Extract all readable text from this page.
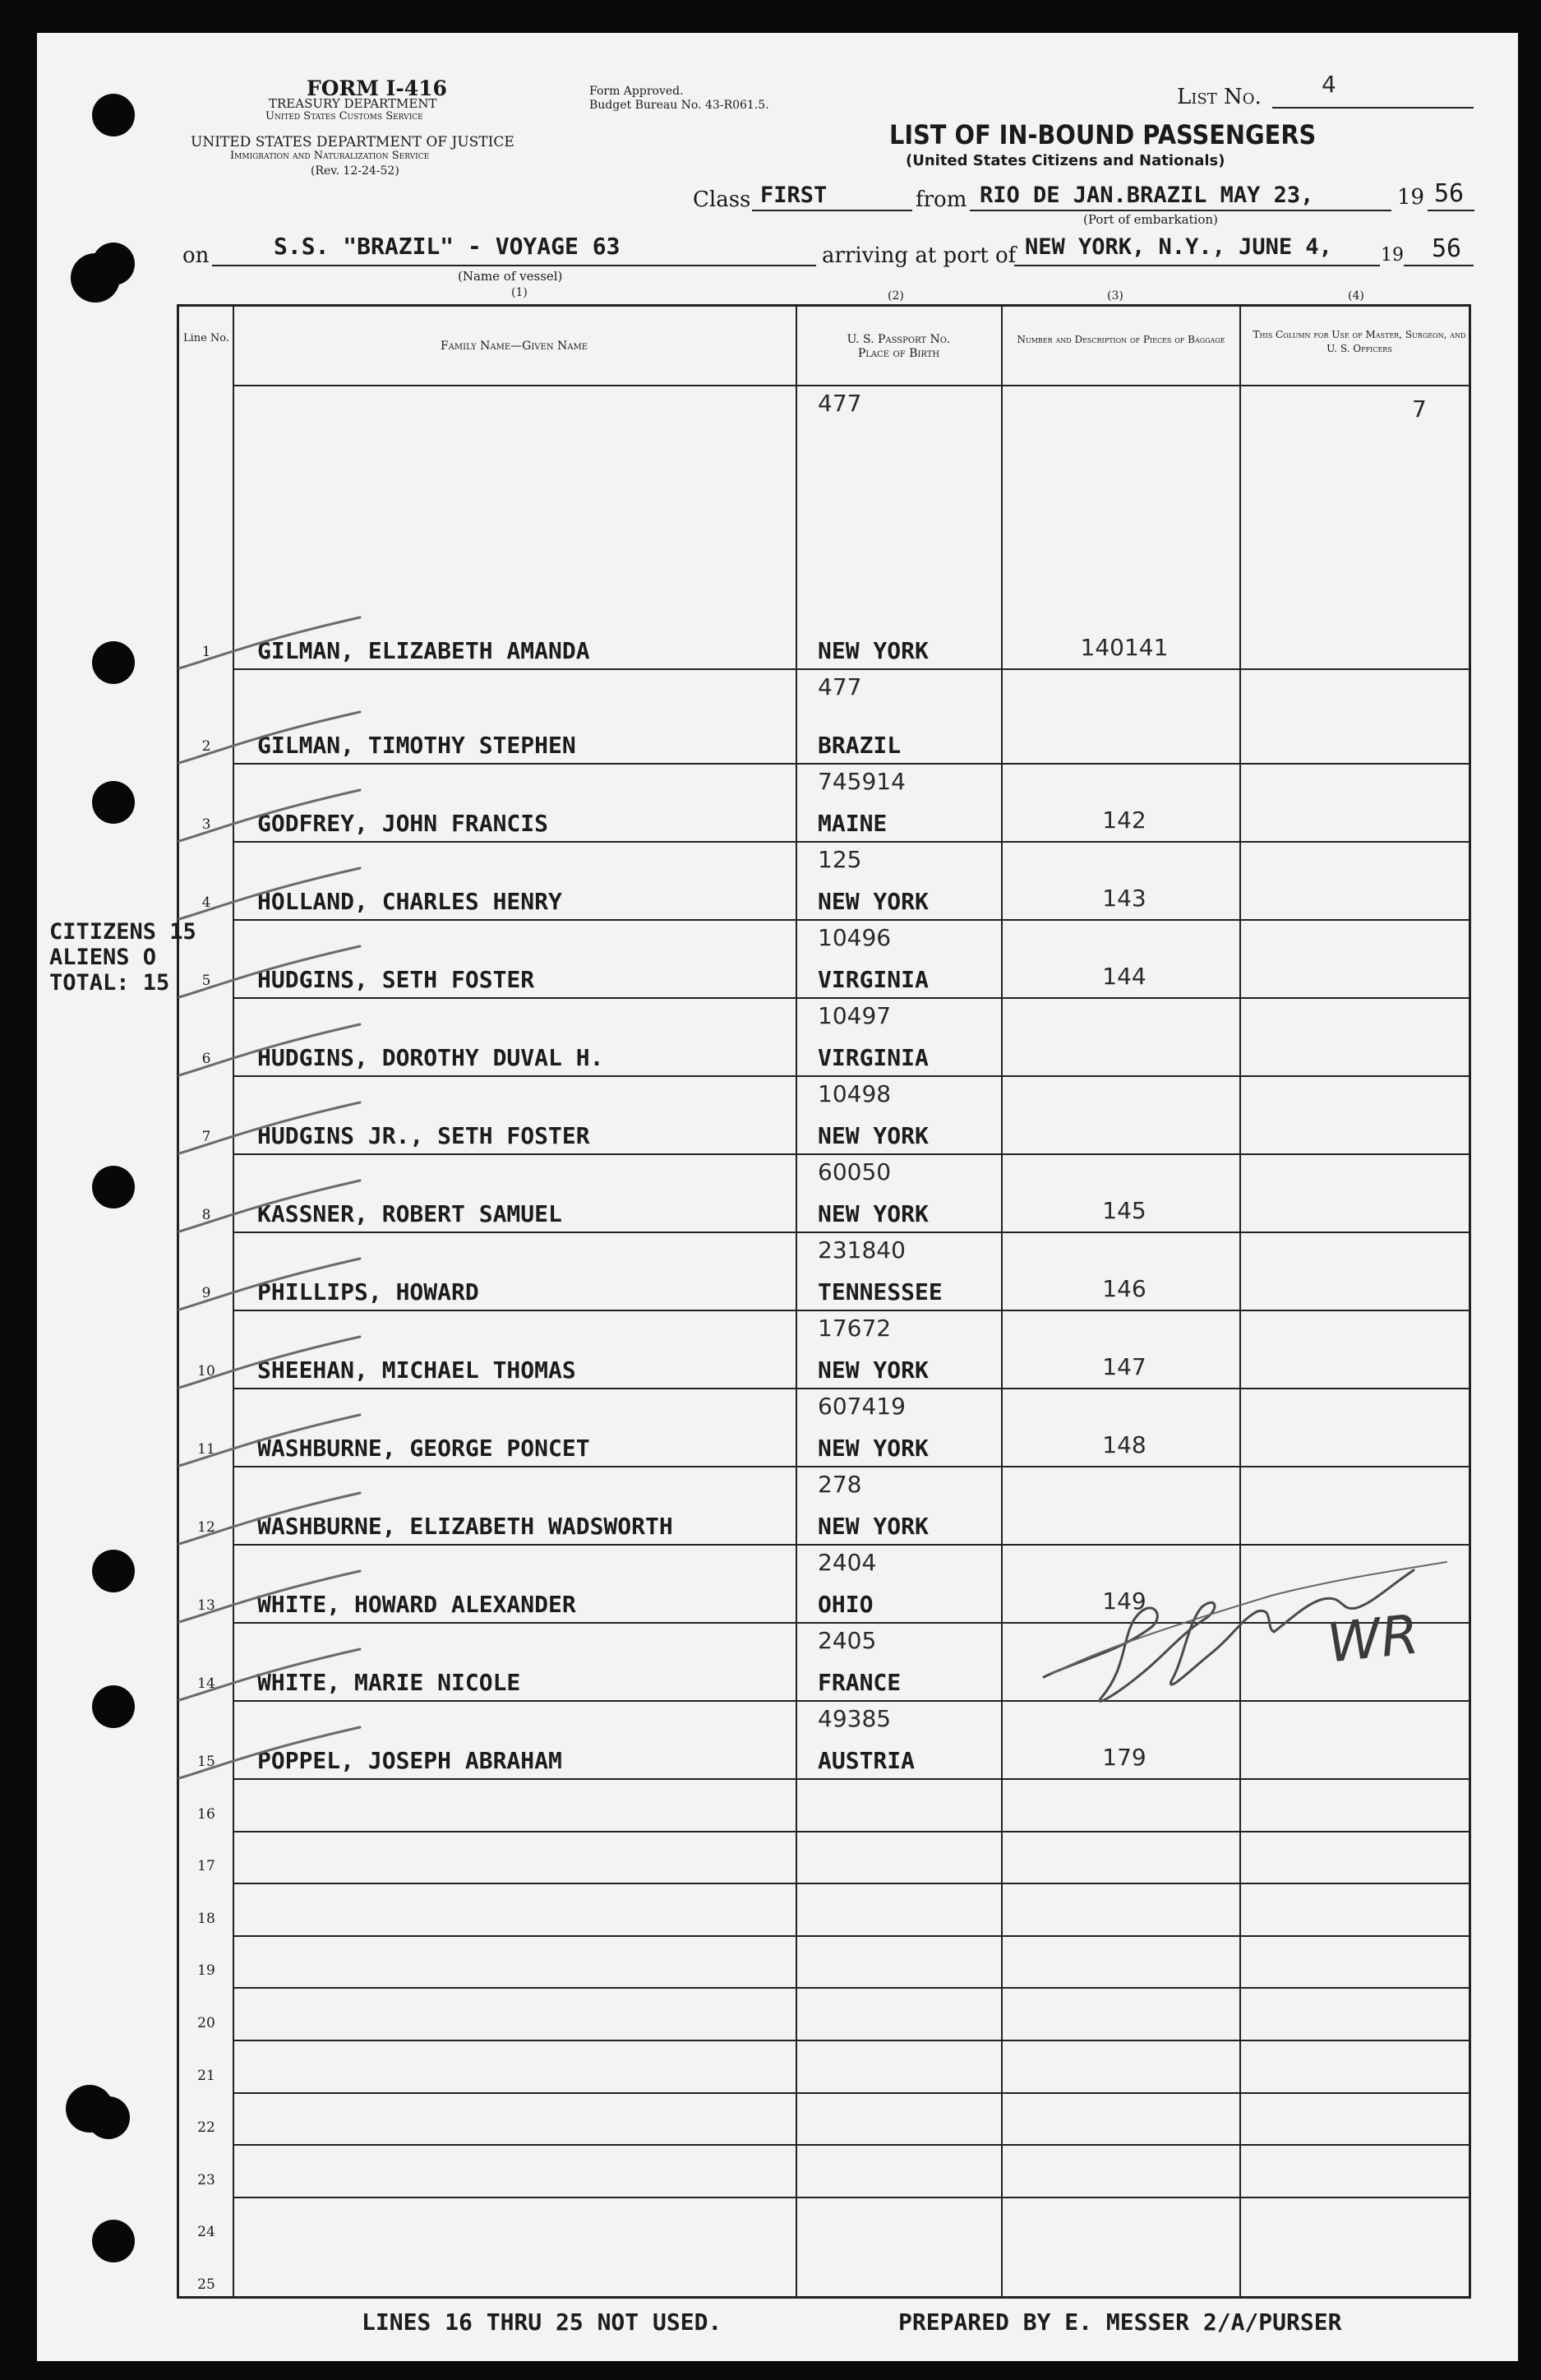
FORM I-416
TREASURY DEPARTMENT
United States Customs Service
UNITED STATES DEPARTMENT OF JUSTICE
Immigration and Naturalization Service
(Rev. 12-24-52)
Form Approved.
Budget Bureau No. 43-R061.5.	List No.	4
LIST OF IN-BOUND PASSENGERS
(United States Citizens and Nationals)
Class FIRST	from RIO DE JAN.BRAZIL MAY 23,	19 56
(Port of embarkation)
on	S.S. "BRAZIL" - VOYAGE 63
(Name of vessel)
arriving at port of NEW YORK, N.Y., JUNE 4,	19 56
(1)	(2)	(3)	(4)
Line No.
Family Name—Given Name	U. S. Passport No. Place of Birth
Number and Description of Pieces of Baggage	This Column for Use of Master, Surgeon, and U. S. Officers
1	GILMAN, ELIZABETH AMANDA
477
NEW YORK	140141
7
2	GILMAN, TIMOTHY STEPHEN
477
BRAZIL
3	GODFREY, JOHN FRANCIS
745914
MAINE	142
4	HOLLAND, CHARLES HENRY
125
NEW YORK	143
5	HUDGINS, SETH FOSTER
10496
VIRGINIA	144
6	HUDGINS, DOROTHY DUVAL H.
10497
VIRGINIA
7	HUDGINS JR., SETH FOSTER
10498
NEW YORK
8	KASSNER, ROBERT SAMUEL
60050
NEW YORK	145
9	PHILLIPS, HOWARD
231840
TENNESSEE	146
10	SHEEHAN, MICHAEL THOMAS
17672
NEW YORK	147
11	WASHBURNE, GEORGE PONCET
607419
NEW YORK	148
12	WASHBURNE, ELIZABETH WADSWORTH
278
NEW YORK
13	WHITE, HOWARD ALEXANDER
2404
OHIO	149
14	WHITE, MARIE NICOLE
2405
FRANCE
15	POPPEL, JOSEPH ABRAHAM
49385
AUSTRIA	179
16
17
18
19
20
21
22
23
24
25
CITIZENS 15
ALIENS O
TOTAL: 15
WR
LINES 16 THRU 25 NOT USED.	PREPARED BY E. MESSER 2/A/PURSER
